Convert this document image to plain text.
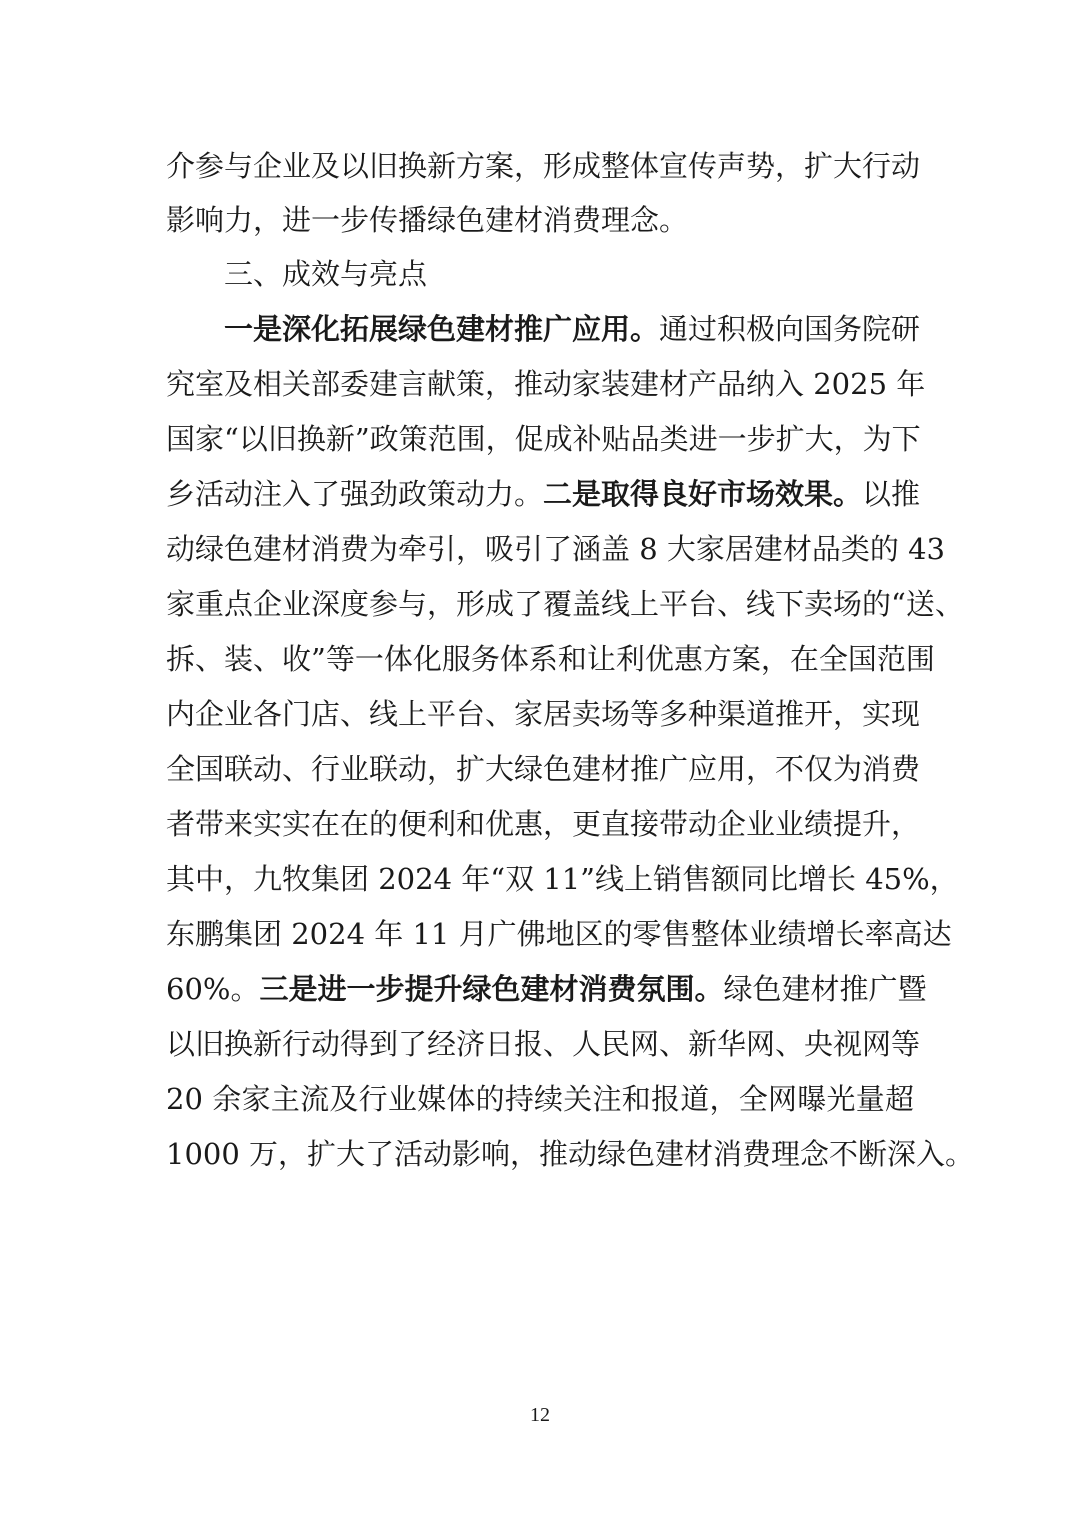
介参与企业及以旧换新方案，形成整体宣传声势，扩大行动
影响力，进一步传播绿色建材消费理念。
三、成效与亮点
一是深化拓展绿色建材推广应用。通过积极向国务院研
究室及相关部委建言献策，推动家装建材产品纳入 2025 年
国家“以旧换新”政策范围，促成补贴品类进一步扩大，为下
乡活动注入了强劲政策动力。二是取得良好市场效果。以推
动绿色建材消费为牵引，吸引了涵盖 8 大家居建材品类的 43
家重点企业深度参与，形成了覆盖线上平台、线下卖场的“送、
拆、装、收”等一体化服务体系和让利优惠方案，在全国范围
内企业各门店、线上平台、家居卖场等多种渠道推开，实现
全国联动、行业联动，扩大绿色建材推广应用，不仅为消费
者带来实实在在的便利和优惠，更直接带动企业业绩提升，
其中，九牧集团 2024 年“双 11”线上销售额同比增长 45%，
东鹏集团 2024 年 11 月广佛地区的零售整体业绩增长率高达
60%。三是进一步提升绿色建材消费氛围。绿色建材推广暨
以旧换新行动得到了经济日报、人民网、新华网、央视网等
20 余家主流及行业媒体的持续关注和报道，全网曝光量超
1000 万，扩大了活动影响，推动绿色建材消费理念不断深入。
12
